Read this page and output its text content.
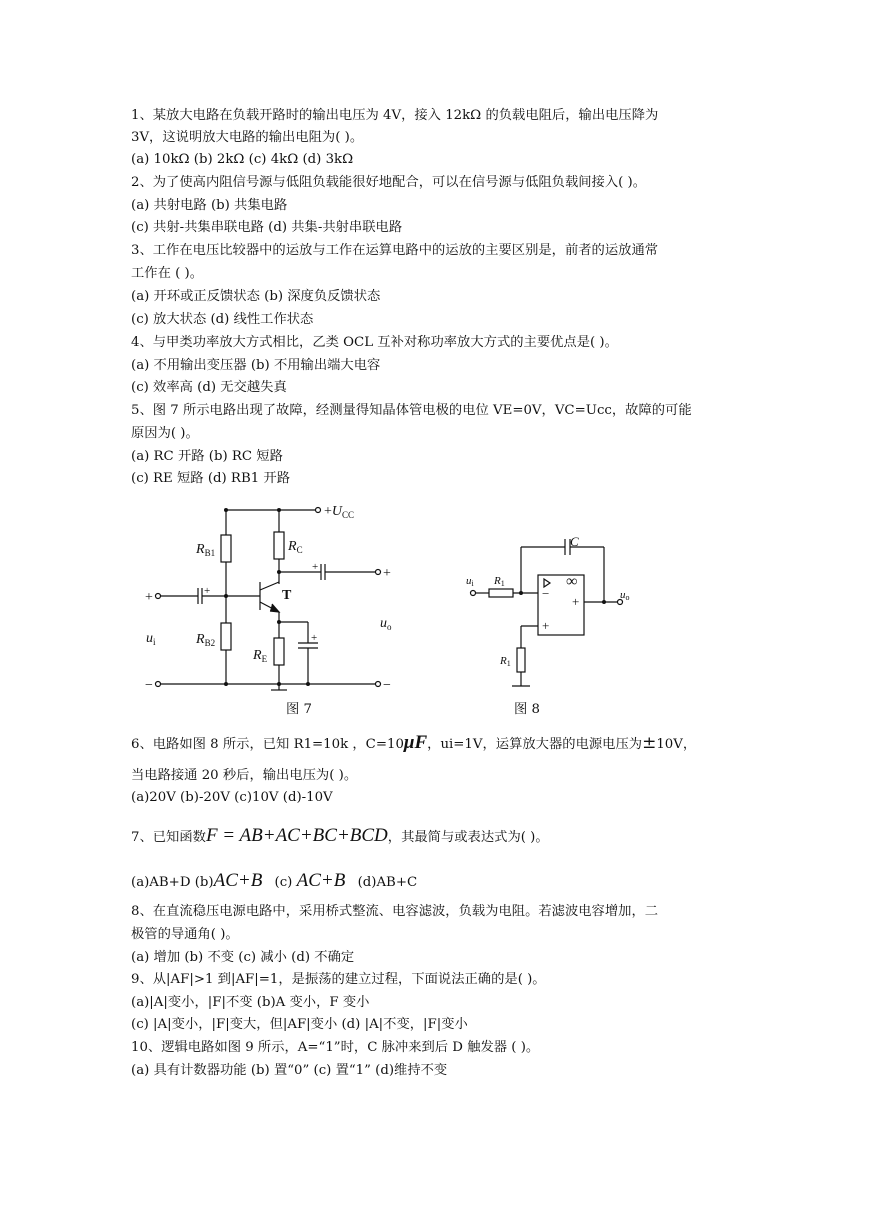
1、某放大电路在负载开路时的输出电压为 4V，接入 12kΩ 的负载电阻后，输出电压降为
3V，这说明放大电路的输出电阻为( )。
(a) 10kΩ (b) 2kΩ (c) 4kΩ (d) 3kΩ
2、为了使高内阻信号源与低阻负载能很好地配合，可以在信号源与低阻负载间接入( )。
(a) 共射电路 (b) 共集电路
(c) 共射-共集串联电路 (d) 共集-共射串联电路
3、工作在电压比较器中的运放与工作在运算电路中的运放的主要区别是，前者的运放通常
工作在 ( )。
(a) 开环或正反馈状态 (b) 深度负反馈状态
(c) 放大状态 (d) 线性工作状态
4、与甲类功率放大方式相比，乙类 OCL 互补对称功率放大方式的主要优点是( )。
(a) 不用输出变压器 (b) 不用输出端大电容
(c) 效率高 (d) 无交越失真
5、图 7 所示电路出现了故障，经测量得知晶体管电极的电位 VE=0V，VC=Ucc，故障的可能
原因为( )。
(a) RC 开路 (b) RC 短路
(c) RE 短路 (d) RB1 开路
$+U_{CC}$
$R_{B1}$	$R_C$
$R_{B2}$
$R_E$
T
$u_i$
$u_o$
+
−
+
−
+
+
+
图 7
C
ui R1
R1
uo
∞
−
+
+
图 8
6、电路如图 8 所示，已知 R1=10k ，C=10μF，ui=1V，运算放大器的电源电压为±10V，
当电路接通 20 秒后，输出电压为( )。
(a)20V (b)-20V (c)10V (d)-10V
7、已知函数F = AB+AC+BC+BCD，其最简与或表达式为( )。
(a)AB+D (b)AC+B (c) AC+B (d)AB+C
8、在直流稳压电源电路中，采用桥式整流、电容滤波，负载为电阻。若滤波电容增加，二
极管的导通角( )。
(a) 增加 (b) 不变 (c) 减小 (d) 不确定
9、从|AF|>1 到|AF|=1，是振荡的建立过程，下面说法正确的是( )。
(a)|A|变小，|F|不变 (b)A 变小，F 变小
(c) |A|变小，|F|变大，但|AF|变小 (d) |A|不变，|F|变小
10、逻辑电路如图 9 所示，A=“1”时，C 脉冲来到后 D 触发器 ( )。
(a) 具有计数器功能 (b) 置“0” (c) 置“1” (d)维持不变
